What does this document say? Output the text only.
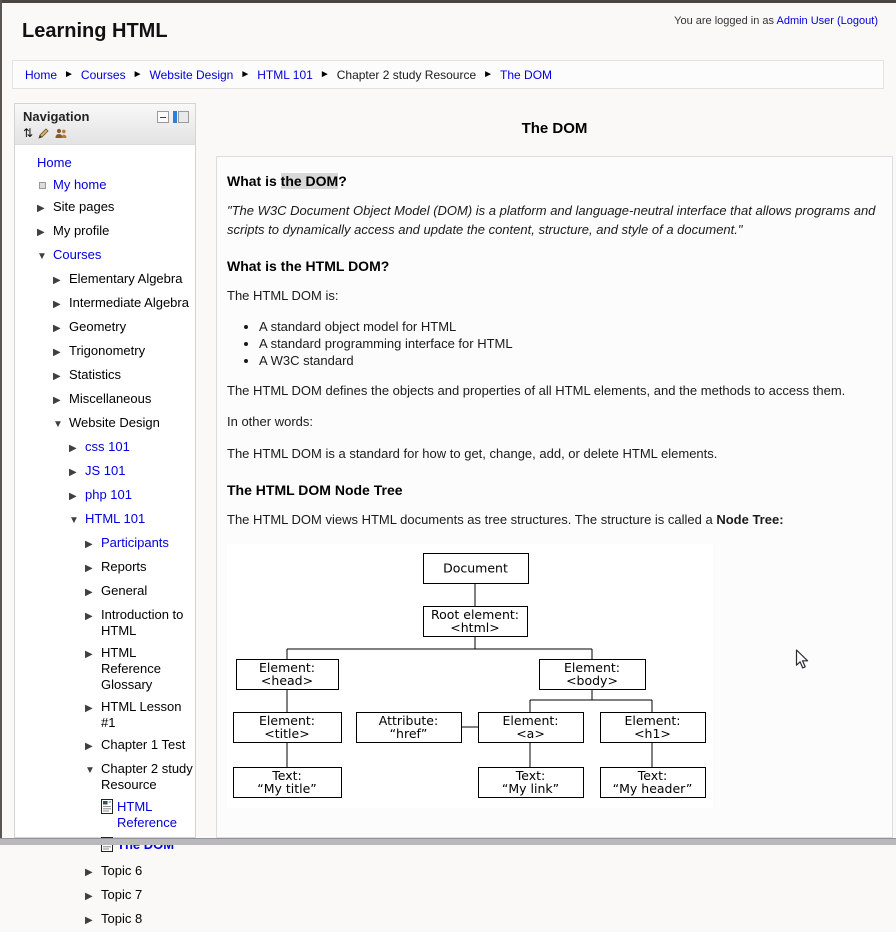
Learning HTML	You are logged in as Admin User (Logout)
Home ► Courses ► Website Design ► HTML 101 ► Chapter 2 study Resource ► The DOM
Navigation
⇅
Home
My home
▶ Site pages
▶ My profile
▼ Courses
▶ Elementary Algebra
▶ Intermediate Algebra
▶ Geometry
▶ Trigonometry
▶ Statistics
▶ Miscellaneous
▼ Website Design
▶ css 101
▶ JS 101
▶ php 101
▼ HTML 101
▶ Participants
▶ Reports
▶ General
▶ Introduction to HTML
▶ HTML Reference Glossary
▶ HTML Lesson #1
▶ Chapter 1 Test
▼ Chapter 2 study Resource
HTML Reference
▶ Topic 6
▶ Topic 7
▶ Topic 8
The DOM
What is the DOM?

"The W3C Document Object Model (DOM) is a platform and language-neutral interface that allows programs and scripts to dynamically access and update the content, structure, and style of a document."

What is the HTML DOM?

The HTML DOM is:

• A standard object model for HTML
• A standard programming interface for HTML
• A W3C standard

The HTML DOM defines the objects and properties of all HTML elements, and the methods to access them.

In other words:

The HTML DOM is a standard for how to get, change, add, or delete HTML elements.

The HTML DOM Node Tree

The HTML DOM views HTML documents as tree structures. The structure is called a Node Tree:

Document
Root element: <html>
Element: <head>
Element: <body>
Element: <title>
Attribute: “href”
Element: <a>
Element: <h1>
Text: “My title”
Text: “My link”
Text: “My header”
